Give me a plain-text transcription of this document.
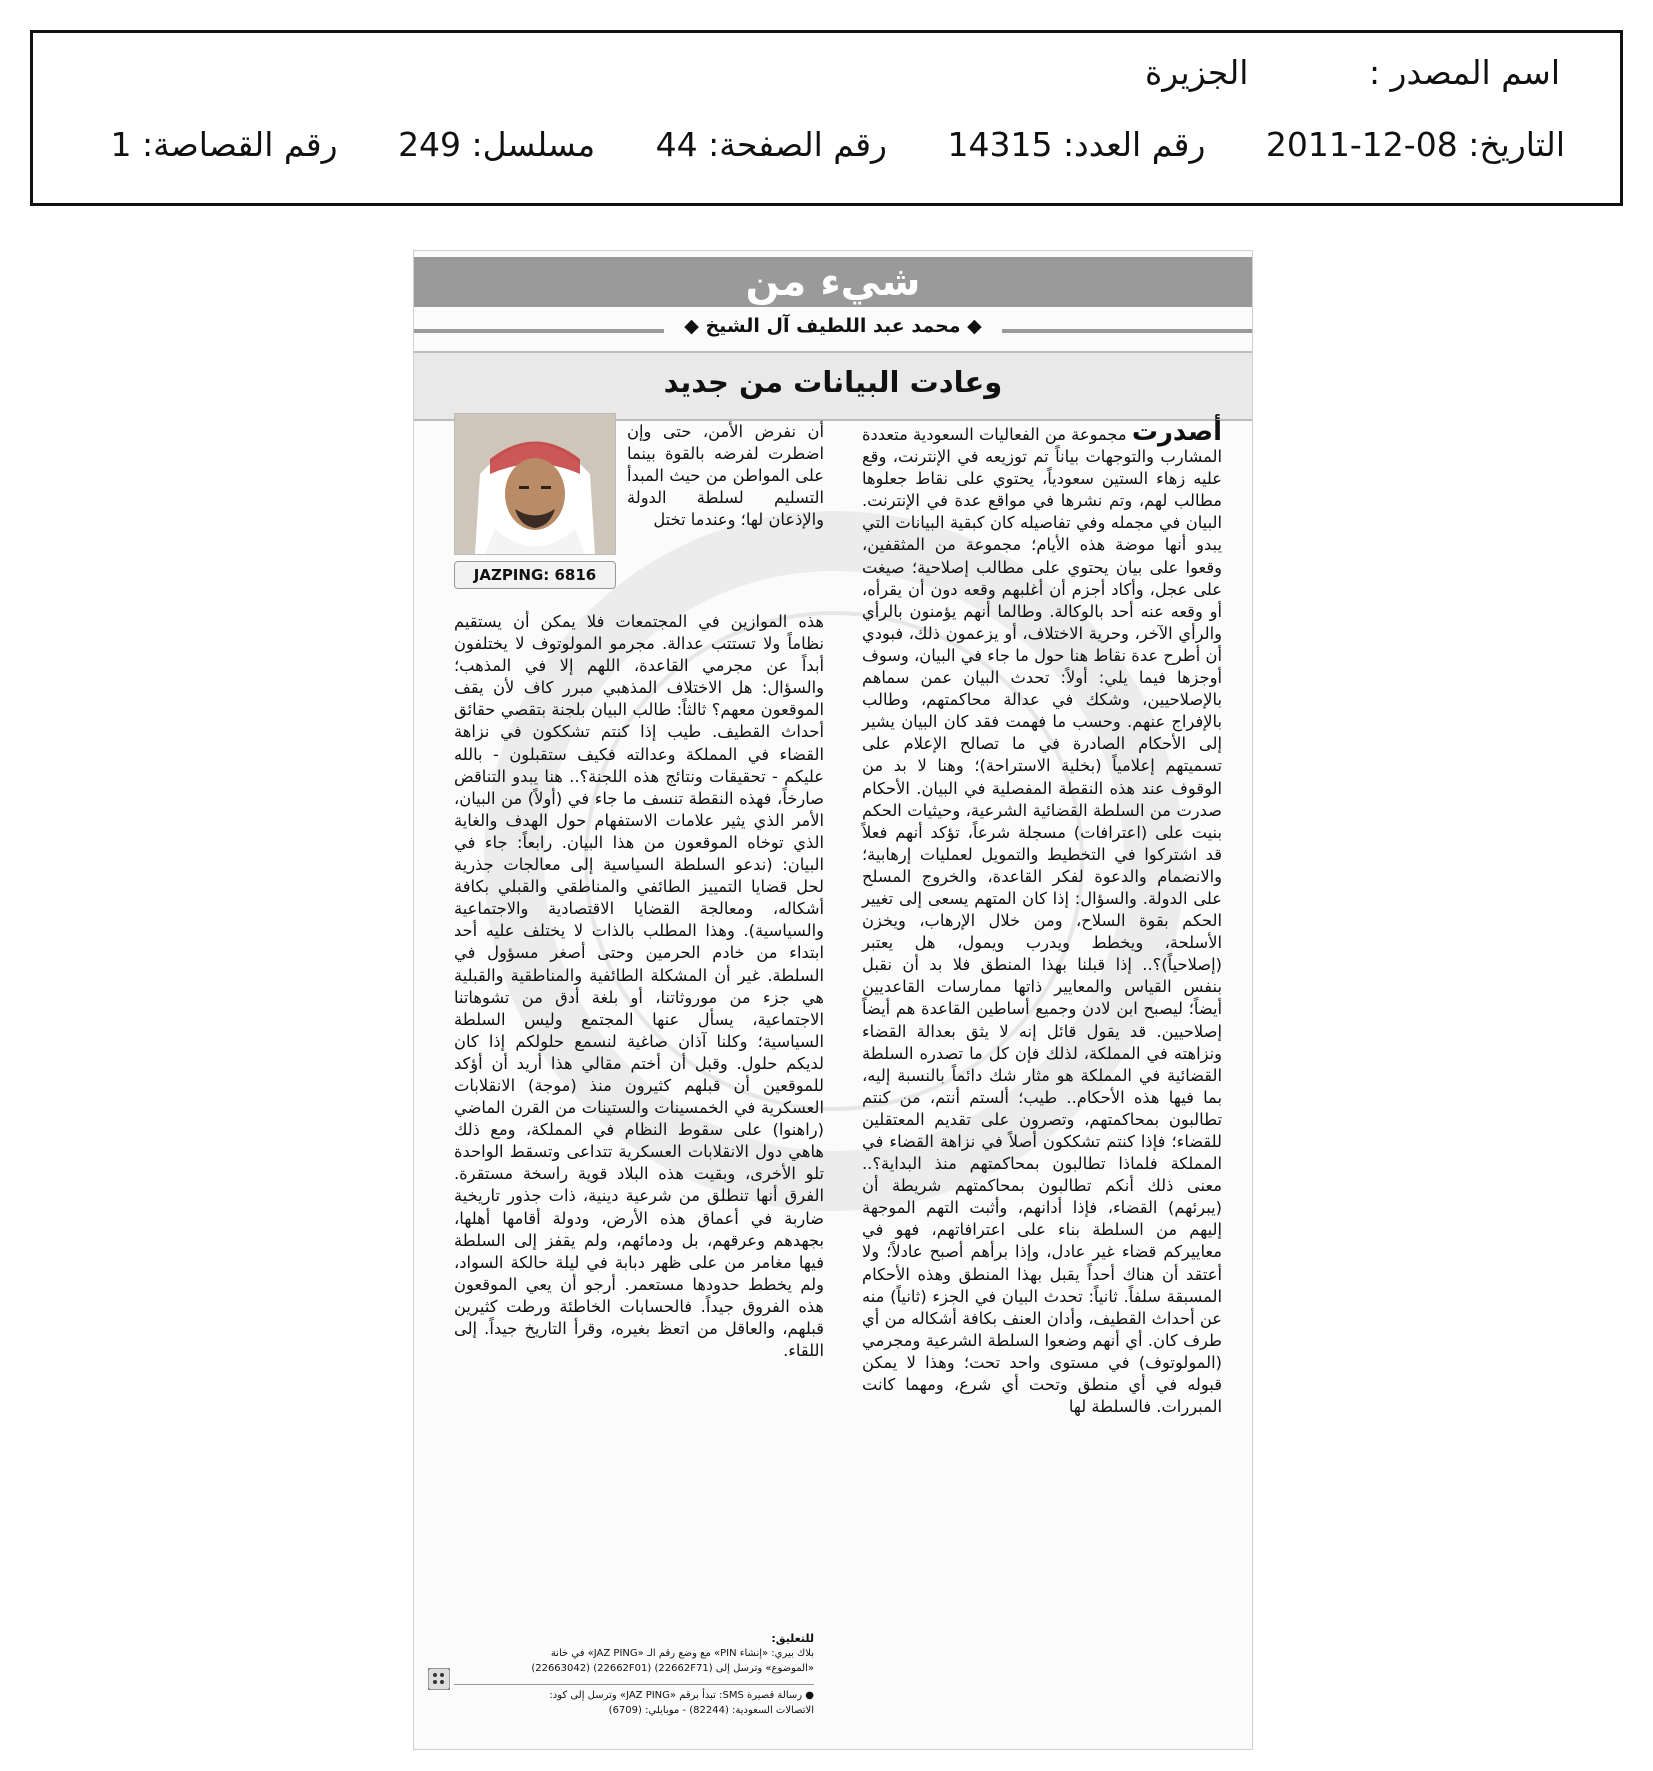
اسم المصدر : الجزيرة
التاريخ: 08-12-2011 رقم العدد: 14315 رقم الصفحة: 44 مسلسل: 249 رقم القصاصة: 1
شيء من
◆ محمد عبد اللطيف آل الشيخ ◆
وعادت البيانات من جديد

أصدرت مجموعة من الفعاليات السعودية متعددة المشارب والتوجهات بياناً تم توزيعه في الإنترنت، وقع عليه زهاء الستين سعودياً، يحتوي على نقاط جعلوها مطالب لهم، وتم نشرها في مواقع عدة في الإنترنت. البيان في مجمله وفي تفاصيله كان كبقية البيانات التي يبدو أنها موضة هذه الأيام؛ مجموعة من المثقفين، وقعوا على بيان يحتوي على مطالب إصلاحية؛ صيغت على عجل، وأكاد أجزم أن أغلبهم وقعه دون أن يقرأه، أو وقعه عنه أحد بالوكالة. وطالما أنهم يؤمنون بالرأي والرأي الآخر، وحرية الاختلاف، أو يزعمون ذلك، فبودي أن أطرح عدة نقاط هنا حول ما جاء في البيان، وسوف أوجزها فيما يلي: أولاً: تحدث البيان عمن سماهم بالإصلاحيين، وشكك في عدالة محاكمتهم، وطالب بالإفراج عنهم. وحسب ما فهمت فقد كان البيان يشير إلى الأحكام الصادرة في ما تصالح الإعلام على تسميتهم إعلامياً (بخلية الاستراحة)؛ وهنا لا بد من الوقوف عند هذه النقطة المفصلية في البيان. الأحكام صدرت من السلطة القضائية الشرعية، وحيثيات الحكم بنيت على (اعترافات) مسجلة شرعاً، تؤكد أنهم فعلاً قد اشتركوا في التخطيط والتمويل لعمليات إرهابية؛ والانضمام والدعوة لفكر القاعدة، والخروج المسلح على الدولة. والسؤال: إذا كان المتهم يسعى إلى تغيير الحكم بقوة السلاح، ومن خلال الإرهاب، ويخزن الأسلحة، ويخطط ويدرب ويمول، هل يعتبر (إصلاحياً)؟.. إذا قبلنا بهذا المنطق فلا بد أن نقبل بنفس القياس والمعايير ذاتها ممارسات القاعديين أيضاً؛ ليصبح ابن لادن وجميع أساطين القاعدة هم أيضاً إصلاحيين. قد يقول قائل إنه لا يثق بعدالة القضاء ونزاهته في المملكة، لذلك فإن كل ما تصدره السلطة القضائية في المملكة هو مثار شك دائماً بالنسبة إليه، بما فيها هذه الأحكام.. طيب؛ ألستم أنتم، من كنتم تطالبون بمحاكمتهم، وتصرون على تقديم المعتقلين للقضاء؛ فإذا كنتم تشككون أصلاً في نزاهة القضاء في المملكة فلماذا تطالبون بمحاكمتهم منذ البداية؟.. معنى ذلك أنكم تطالبون بمحاكمتهم شريطة أن (يبرئهم) القضاء، فإذا أدانهم، وأثبت التهم الموجهة إليهم من السلطة بناء على اعترافاتهم، فهو في معاييركم قضاء غير عادل، وإذا برأهم أصبح عادلاً؛ ولا أعتقد أن هناك أحداً يقبل بهذا المنطق وهذه الأحكام المسبقة سلفاً. ثانياً: تحدث البيان في الجزء (ثانياً) منه عن أحداث القطيف، وأدان العنف بكافة أشكاله من أي طرف كان. أي أنهم وضعوا السلطة الشرعية ومجرمي (المولوتوف) في مستوى واحد تحت؛ وهذا لا يمكن قبوله في أي منطق وتحت أي شرع، ومهما كانت المبررات. فالسلطة لها

أن نفرض الأمن، حتى وإن اضطرت لفرضه بالقوة بينما على المواطن من حيث المبدأ التسليم لسلطة الدولة والإذعان لها؛ وعندما تختل

JAZPING: 6816

هذه الموازين في المجتمعات فلا يمكن أن يستقيم نظاماً ولا تستتب عدالة. مجرمو المولوتوف لا يختلفون أبداً عن مجرمي القاعدة، اللهم إلا في المذهب؛ والسؤال: هل الاختلاف المذهبي مبرر كاف لأن يقف الموقعون معهم؟ ثالثاً: طالب البيان بلجنة بتقصي حقائق أحداث القطيف. طيب إذا كنتم تشككون في نزاهة القضاء في المملكة وعدالته فكيف ستقبلون - بالله عليكم - تحقيقات ونتائج هذه اللجنة؟.. هنا يبدو التناقض صارخاً، فهذه النقطة تنسف ما جاء في (أولاً) من البيان، الأمر الذي يثير علامات الاستفهام حول الهدف والغاية الذي توخاه الموقعون من هذا البيان. رابعاً: جاء في البيان: (ندعو السلطة السياسية إلى معالجات جذرية لحل قضايا التمييز الطائفي والمناطقي والقبلي بكافة أشكاله، ومعالجة القضايا الاقتصادية والاجتماعية والسياسية). وهذا المطلب بالذات لا يختلف عليه أحد ابتداء من خادم الحرمين وحتى أصغر مسؤول في السلطة. غير أن المشكلة الطائفية والمناطقية والقبلية هي جزء من موروثاتنا، أو بلغة أدق من تشوهاتنا الاجتماعية، يسأل عنها المجتمع وليس السلطة السياسية؛ وكلنا آذان صاغية لنسمع حلولكم إذا كان لديكم حلول. وقبل أن أختم مقالي هذا أريد أن أؤكد للموقعين أن قبلهم كثيرون منذ (موجة) الانقلابات العسكرية في الخمسينات والستينات من القرن الماضي (راهنوا) على سقوط النظام في المملكة، ومع ذلك هاهي دول الانقلابات العسكرية تتداعى وتسقط الواحدة تلو الأخرى، وبقيت هذه البلاد قوية راسخة مستقرة. الفرق أنها تنطلق من شرعية دينية، ذات جذور تاريخية ضاربة في أعماق هذه الأرض، ودولة أقامها أهلها، بجهدهم وعرقهم، بل ودمائهم، ولم يقفز إلى السلطة فيها مغامر من على ظهر دبابة في ليلة حالكة السواد، ولم يخطط حدودها مستعمر. أرجو أن يعي الموقعون هذه الفروق جيداً. فالحسابات الخاطئة ورطت كثيرين قبلهم، والعاقل من اتعظ بغيره، وقرأ التاريخ جيداً. إلى اللقاء.

للتعليق:
بلاك بيري: «إنشاء PIN» مع وضع رقم الـ «JAZ PING» في خانة
«الموضوع» وترسل إلى (22662F71) (22662F01) (22663042)
● رسالة قصيرة SMS: تبدأ برقم «JAZ PING» وترسل إلى كود:
الاتصالات السعودية: (82244) - موبايلي: (6709)
